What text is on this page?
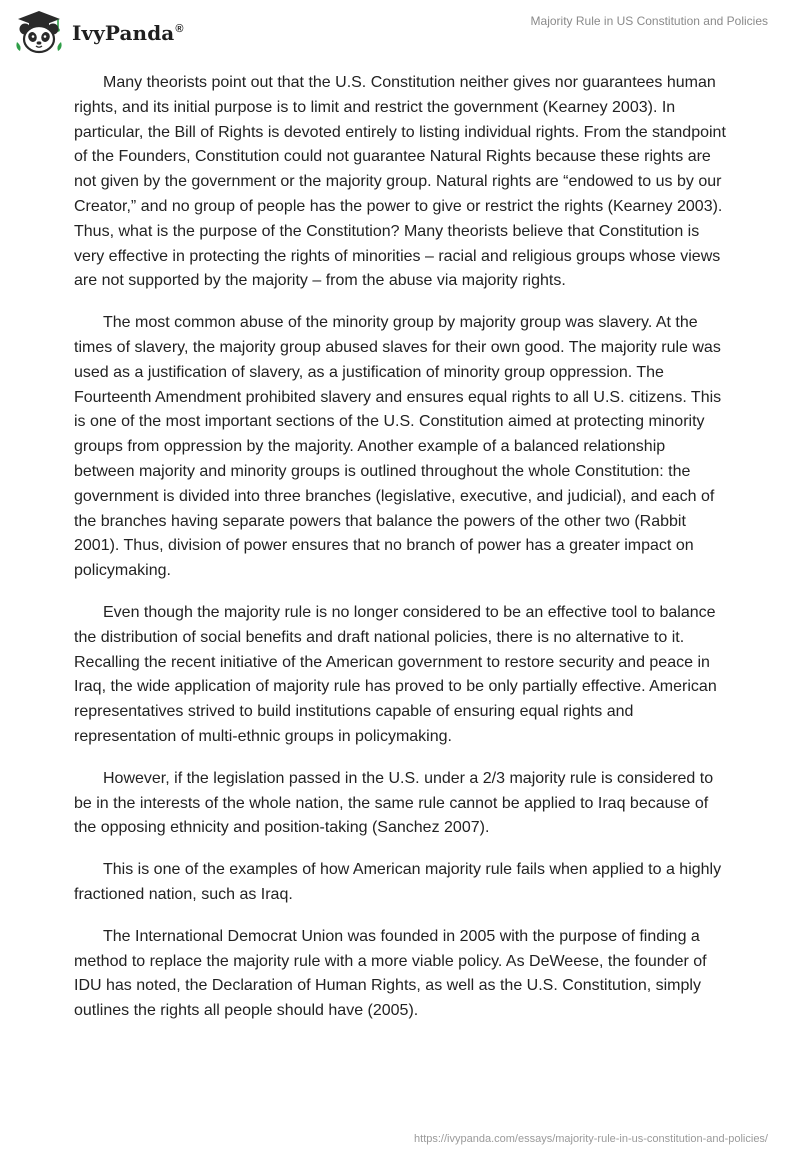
IvyPanda®
Majority Rule in US Constitution and Policies

Many theorists point out that the U.S. Constitution neither gives nor guarantees human rights, and its initial purpose is to limit and restrict the government (Kearney 2003). In particular, the Bill of Rights is devoted entirely to listing individual rights. From the standpoint of the Founders, Constitution could not guarantee Natural Rights because these rights are not given by the government or the majority group. Natural rights are “endowed to us by our Creator,” and no group of people has the power to give or restrict the rights (Kearney 2003). Thus, what is the purpose of the Constitution? Many theorists believe that Constitution is very effective in protecting the rights of minorities – racial and religious groups whose views are not supported by the majority – from the abuse via majority rights.

The most common abuse of the minority group by majority group was slavery. At the times of slavery, the majority group abused slaves for their own good. The majority rule was used as a justification of slavery, as a justification of minority group oppression. The Fourteenth Amendment prohibited slavery and ensures equal rights to all U.S. citizens. This is one of the most important sections of the U.S. Constitution aimed at protecting minority groups from oppression by the majority. Another example of a balanced relationship between majority and minority groups is outlined throughout the whole Constitution: the government is divided into three branches (legislative, executive, and judicial), and each of the branches having separate powers that balance the powers of the other two (Rabbit 2001). Thus, division of power ensures that no branch of power has a greater impact on policymaking.

Even though the majority rule is no longer considered to be an effective tool to balance the distribution of social benefits and draft national policies, there is no alternative to it. Recalling the recent initiative of the American government to restore security and peace in Iraq, the wide application of majority rule has proved to be only partially effective. American representatives strived to build institutions capable of ensuring equal rights and representation of multi-ethnic groups in policymaking.

However, if the legislation passed in the U.S. under a 2/3 majority rule is considered to be in the interests of the whole nation, the same rule cannot be applied to Iraq because of the opposing ethnicity and position-taking (Sanchez 2007).

This is one of the examples of how American majority rule fails when applied to a highly fractioned nation, such as Iraq.

The International Democrat Union was founded in 2005 with the purpose of finding a method to replace the majority rule with a more viable policy. As DeWeese, the founder of IDU has noted, the Declaration of Human Rights, as well as the U.S. Constitution, simply outlines the rights all people should have (2005).

https://ivypanda.com/essays/majority-rule-in-us-constitution-and-policies/
